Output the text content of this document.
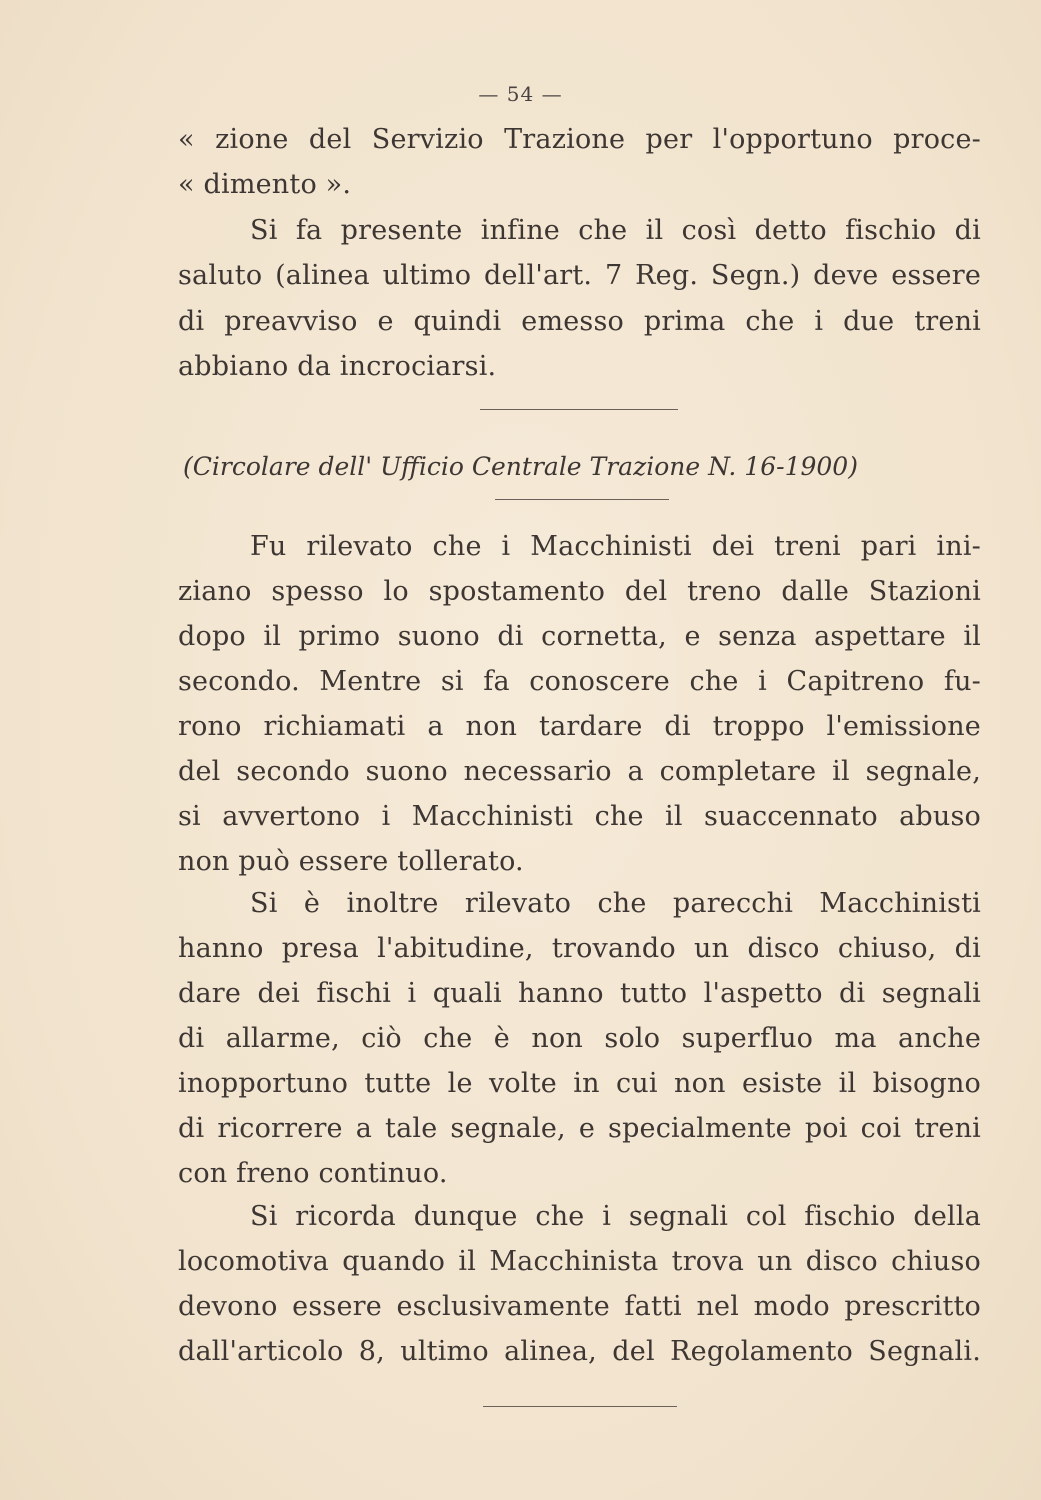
— 54 —
« zione del Servizio Trazione per l'opportuno proce-
« dimento ».
Si fa presente infine che il così detto fischio di
saluto (alinea ultimo dell'art. 7 Reg. Segn.) deve essere
di preavviso e quindi emesso prima che i due treni
abbiano da incrociarsi.
(Circolare dell' Ufficio Centrale Trazione N. 16-1900)
Fu rilevato che i Macchinisti dei treni pari ini-
ziano spesso lo spostamento del treno dalle Stazioni
dopo il primo suono di cornetta, e senza aspettare il
secondo. Mentre si fa conoscere che i Capitreno fu-
rono richiamati a non tardare di troppo l'emissione
del secondo suono necessario a completare il segnale,
si avvertono i Macchinisti che il suaccennato abuso
non può essere tollerato.
Si è inoltre rilevato che parecchi Macchinisti
hanno presa l'abitudine, trovando un disco chiuso, di
dare dei fischi i quali hanno tutto l'aspetto di segnali
di allarme, ciò che è non solo superfluo ma anche
inopportuno tutte le volte in cui non esiste il bisogno
di ricorrere a tale segnale, e specialmente poi coi treni
con freno continuo.
Si ricorda dunque che i segnali col fischio della
locomotiva quando il Macchinista trova un disco chiuso
devono essere esclusivamente fatti nel modo prescritto
dall'articolo 8, ultimo alinea, del Regolamento Segnali.
